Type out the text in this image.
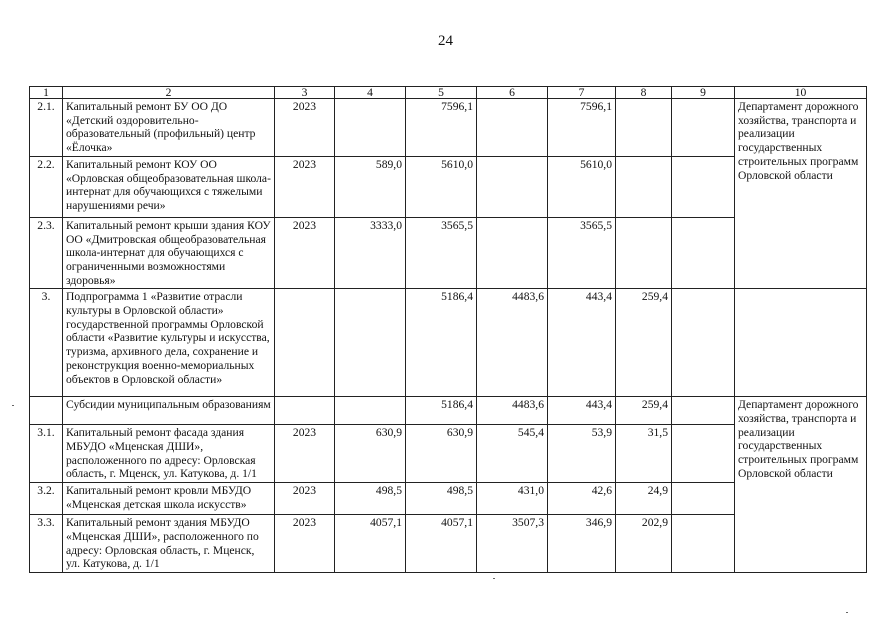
24
1	2	3	4	5	6	7	8	9	10
2.1.	Капитальный ремонт БУ ОО ДО «Детский оздоровительно-образовательный (профильный) центр «Ёлочка»	2023		7596,1		7596,1			Департамент дорожного хозяйства, транспорта и реализации государственных строительных программ Орловской области
2.2.	Капитальный ремонт КОУ ОО «Орловская общеобразовательная школа-интернат для обучающихся с тяжелыми нарушениями речи»	2023	589,0	5610,0		5610,0			
2.3.	Капитальный ремонт крыши здания КОУ ОО «Дмитровская общеобразовательная школа-интернат для обучающихся с ограниченными возможностями здоровья»	2023	3333,0	3565,5		3565,5			
3.	Подпрограмма 1 «Развитие отрасли культуры в Орловской области» государственной программы Орловской области «Развитие культуры и искусства, туризма, архивного дела, сохранение и реконструкция военно-мемориальных объектов в Орловской области»			5186,4	4483,6	443,4	259,4		
	Субсидии муниципальным образованиям			5186,4	4483,6	443,4	259,4		Департамент дорожного хозяйства, транспорта и реализации государственных строительных программ Орловской области
3.1.	Капитальный ремонт фасада здания МБУДО «Мценская ДШИ», расположенного по адресу: Орловская область, г. Мценск, ул. Катукова, д. 1/1	2023	630,9	630,9	545,4	53,9	31,5		
3.2.	Капитальный ремонт кровли МБУДО «Мценская детская школа искусств»	2023	498,5	498,5	431,0	42,6	24,9		
3.3.	Капитальный ремонт здания МБУДО «Мценская ДШИ», расположенного по адресу: Орловская область, г. Мценск, ул. Катукова, д. 1/1	2023	4057,1	4057,1	3507,3	346,9	202,9		
